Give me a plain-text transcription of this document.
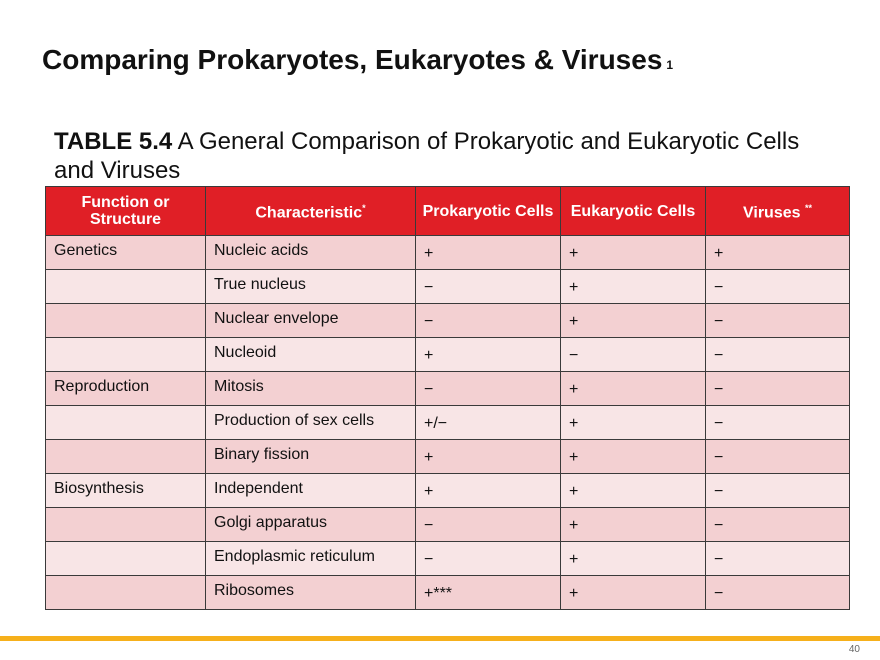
Comparing Prokaryotes, Eukaryotes & Viruses 1
TABLE 5.4 A General Comparison of Prokaryotic and Eukaryotic Cells and Viruses
Function or Structure	Characteristic*	Prokaryotic Cells	Eukaryotic Cells	Viruses **
Genetics	Nucleic acids	+	+	+
	True nucleus	−	+	−
	Nuclear envelope	−	+	−
	Nucleoid	+	−	−
Reproduction	Mitosis	−	+	−
	Production of sex cells	+/−	+	−
	Binary fission	+	+	−
Biosynthesis	Independent	+	+	−
	Golgi apparatus	−	+	−
	Endoplasmic reticulum	−	+	−
	Ribosomes	+***	+	−
40
